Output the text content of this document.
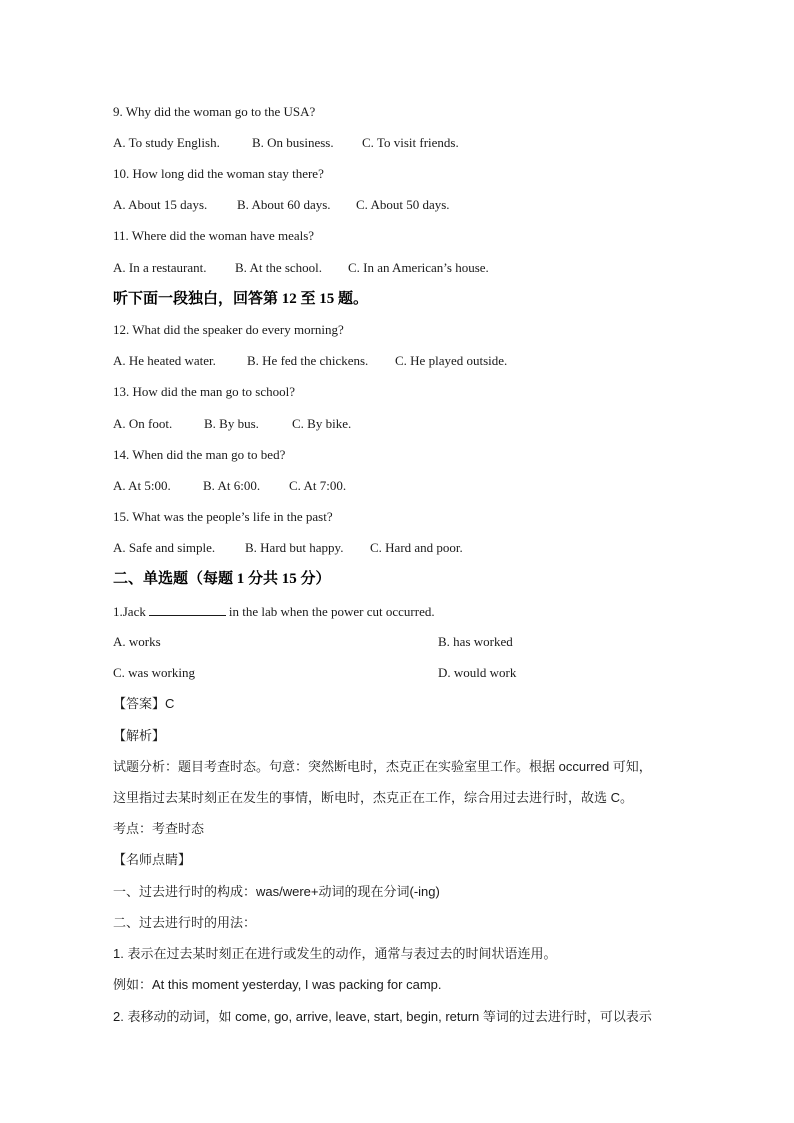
9. Why did the woman go to the USA?
A. To study English. B. On business. C. To visit friends.
10. How long did the woman stay there?
A. About 15 days. B. About 60 days. C. About 50 days.
11. Where did the woman have meals?
A. In a restaurant. B. At the school. C. In an American’s house.
听下面一段独白，回答第 12 至 15 题。
12. What did the speaker do every morning?
A. He heated water. B. He fed the chickens. C. He played outside.
13. How did the man go to school?
A. On foot. B. By bus.	C. By bike.
14. When did the man go to bed?
A. At 5:00. B. At 6:00. C. At 7:00.
15. What was the people’s life in the past?
A. Safe and simple. B. Hard but happy. C. Hard and poor.
二、单选题（每题 1 分共 15 分）
1.Jack	in the lab when the power cut occurred.
A. works	B. has worked
C. was working	D. would work
【答案】C
【解析】
试题分析：题目考查时态。句意：突然断电时，杰克正在实验室里工作。根据 occurred 可知，
这里指过去某时刻正在发生的事情，断电时，杰克正在工作，综合用过去进行时，故选 C。
考点：考查时态
【名师点睛】
一、过去进行时的构成：was/were+动词的现在分词(-ing)
二、过去进行时的用法：
1. 表示在过去某时刻正在进行或发生的动作，通常与表过去的时间状语连用。
例如：At this moment yesterday, I was packing for camp.
2. 表移动的动词，如 come, go, arrive, leave, start, begin, return 等词的过去进行时，可以表示
